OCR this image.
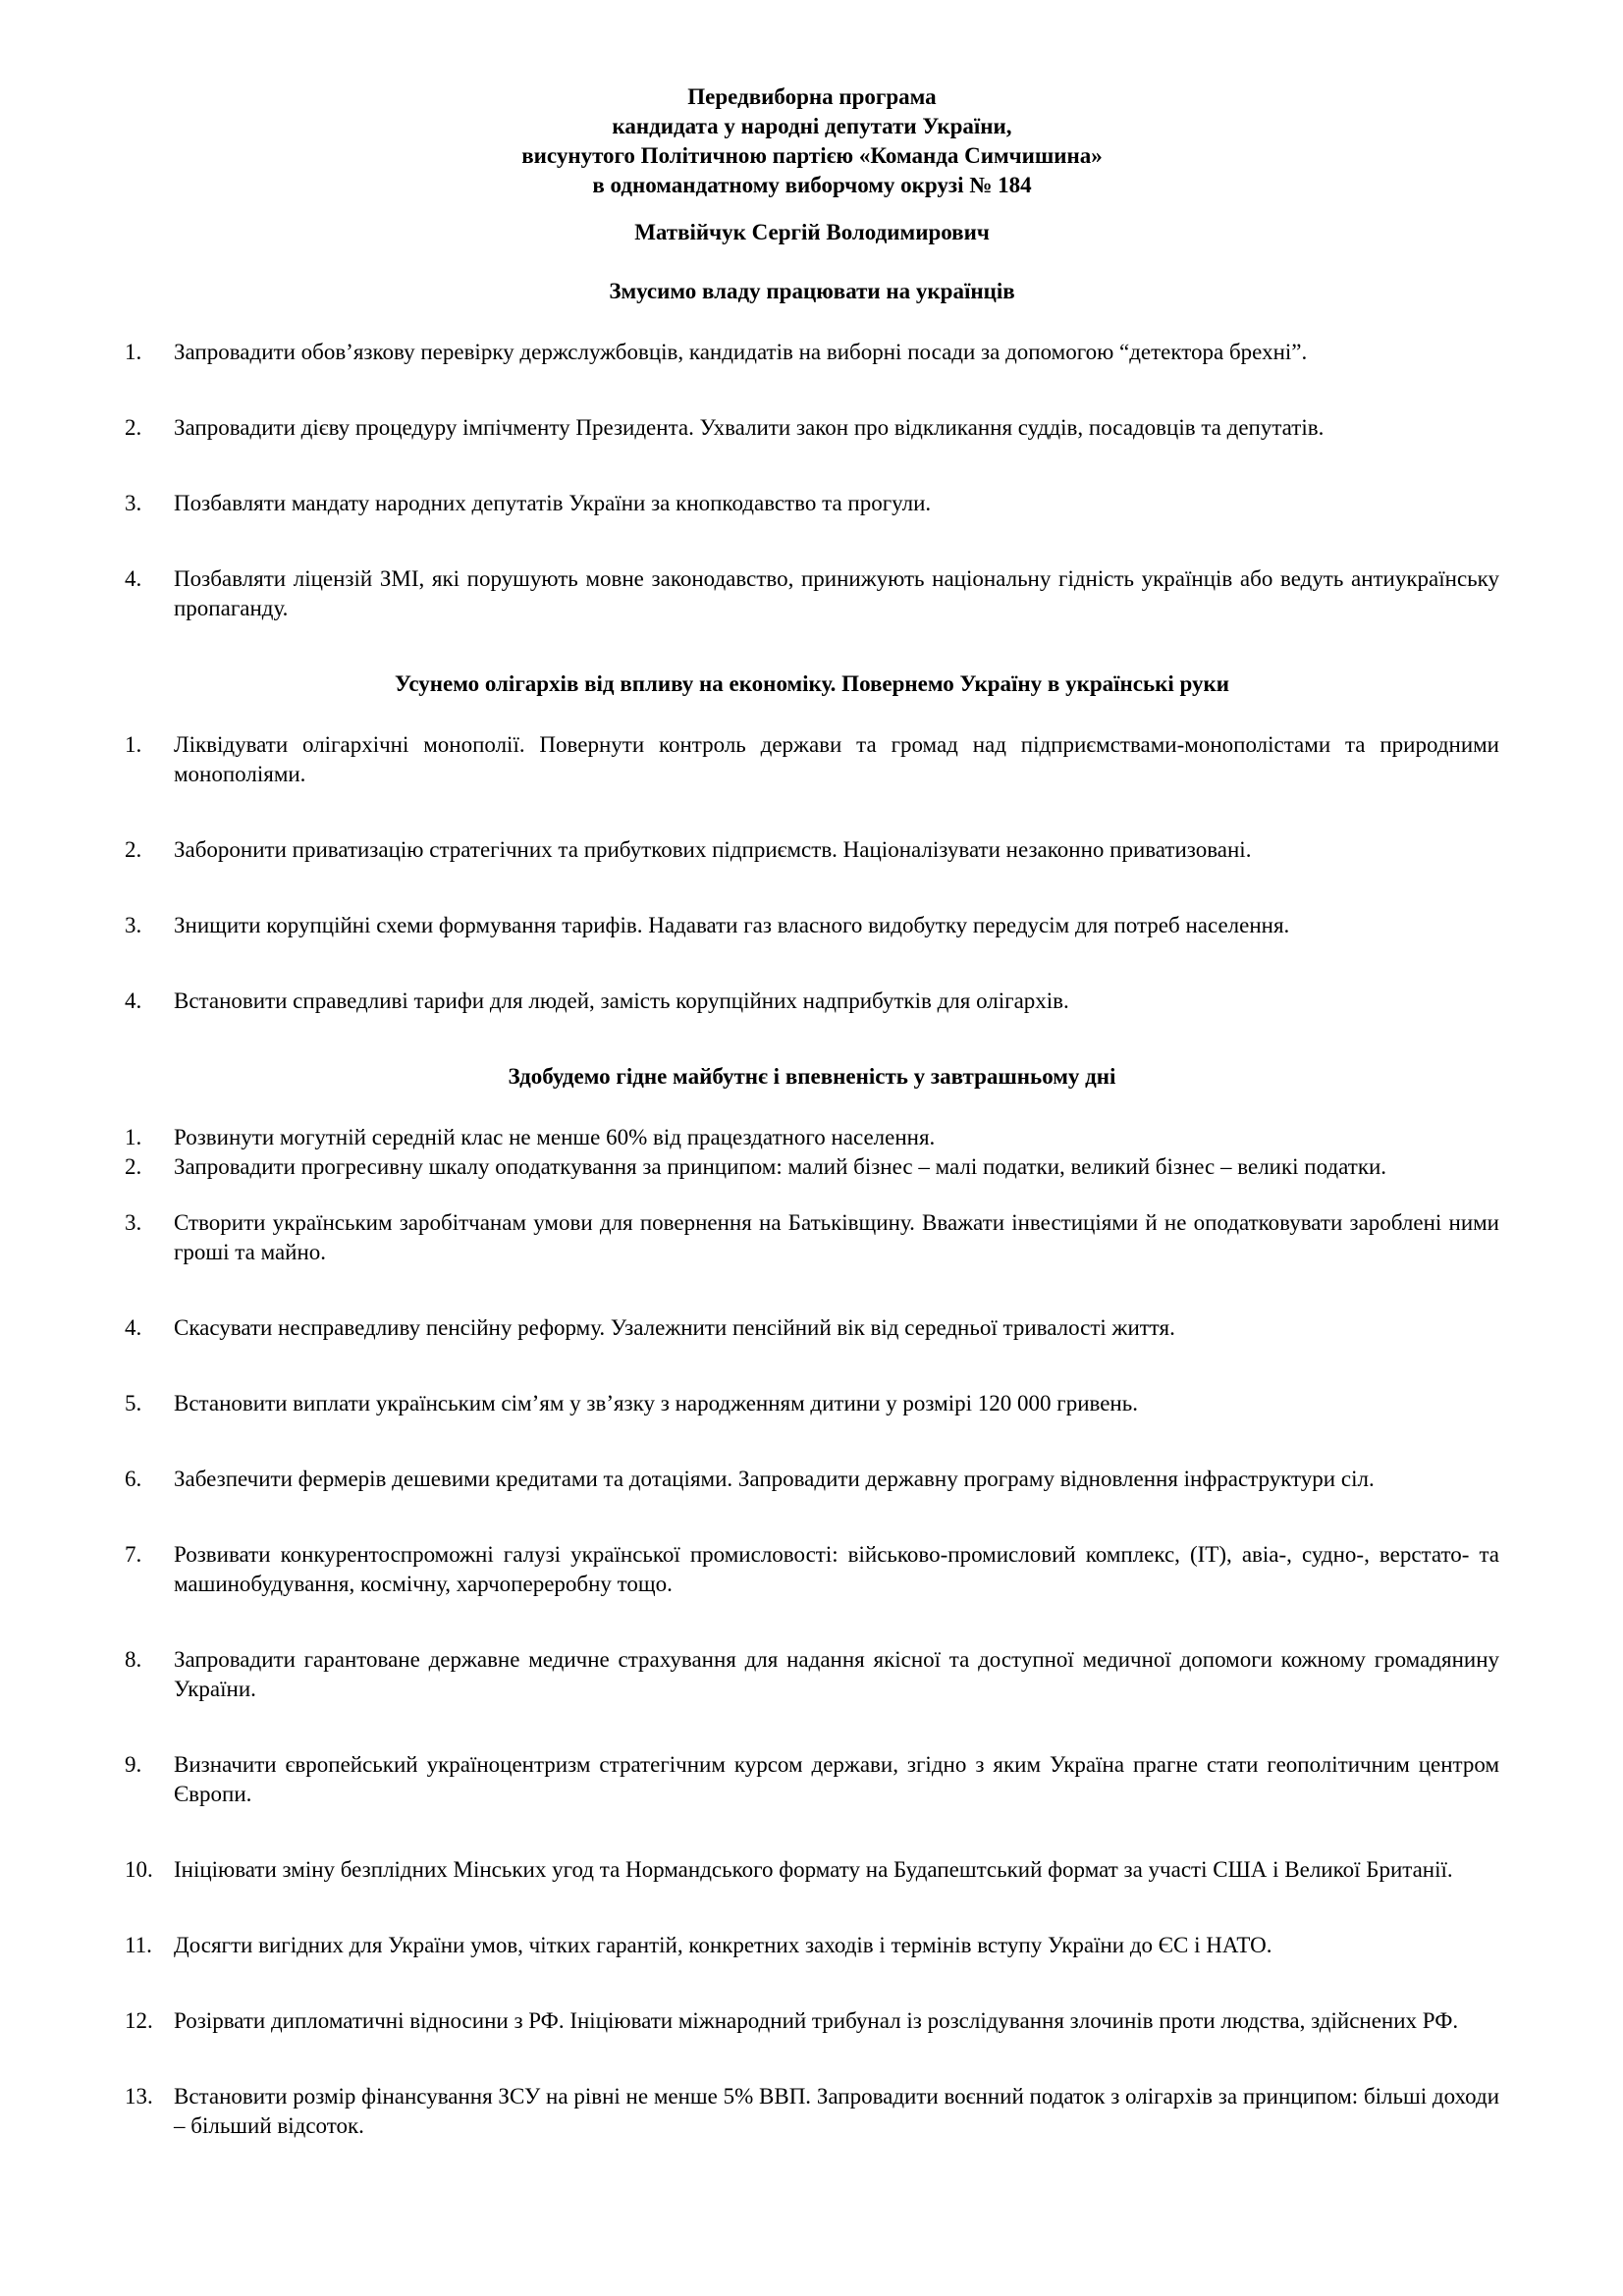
Передвиборна програма
кандидата у народні депутати України,
висунутого Політичною партією «Команда Симчишина»
в одномандатному виборчому окрузі № 184
Матвійчук Сергій Володимирович
Змусимо владу працювати на українців
1.	Запровадити обов’язкову перевірку держслужбовців, кандидатів на виборні посади за допомогою “детектора брехні”.
2.	Запровадити дієву процедуру імпічменту Президента. Ухвалити закон про відкликання суддів, посадовців та депутатів.
3.	Позбавляти мандату народних депутатів України за кнопкодавство та прогули.
4.	Позбавляти ліцензій ЗМІ, які порушують мовне законодавство, принижують національну гідність українців або ведуть антиукраїнську пропаганду.
Усунемо олігархів від впливу на економіку. Повернемо Україну в українські руки
1.	Ліквідувати олігархічні монополії. Повернути контроль держави та громад над підприємствами-монополістами та природними монополіями.
2.	Заборонити приватизацію стратегічних та прибуткових підприємств. Націоналізувати незаконно приватизовані.
3.	Знищити корупційні схеми формування тарифів. Надавати газ власного видобутку передусім для потреб населення.
4.	Встановити справедливі тарифи для людей, замість корупційних надприбутків для олігархів.
Здобудемо гідне майбутнє і впевненість у завтрашньому дні
1.	Розвинути могутній середній клас не менше 60% від працездатного населення.
2.	Запровадити прогресивну шкалу оподаткування за принципом: малий бізнес – малі податки, великий бізнес – великі податки.
3.	Створити українським заробітчанам умови для повернення на Батьківщину. Вважати інвестиціями й не оподатковувати зароблені ними гроші та майно.
4.	Скасувати несправедливу пенсійну реформу. Узалежнити пенсійний вік від середньої тривалості життя.
5.	Встановити виплати українським сім’ям у зв’язку з народженням дитини у розмірі 120 000 гривень.
6.	Забезпечити фермерів дешевими кредитами та дотаціями. Запровадити державну програму відновлення інфраструктури сіл.
7.	Розвивати конкурентоспроможні галузі української промисловості: військово-промисловий комплекс, (ІТ), авіа-, судно-, верстато- та машинобудування, космічну, харчопереробну тощо.
8.	Запровадити гарантоване державне медичне страхування для надання якісної та доступної медичної допомоги кожному громадянину України.
9.	Визначити європейський україноцентризм стратегічним курсом держави, згідно з яким Україна прагне стати геополітичним центром Європи.
10. Ініціювати зміну безплідних Мінських угод та Нормандського формату на Будапештський формат за участі США і Великої Британії.
11. Досягти вигідних для України умов, чітких гарантій, конкретних заходів і термінів вступу України до ЄС і НАТО.
12. Розірвати дипломатичні відносини з РФ. Ініціювати міжнародний трибунал із розслідування злочинів проти людства, здійснених РФ.
13. Встановити розмір фінансування ЗСУ на рівні не менше 5% ВВП. Запровадити воєнний податок з олігархів за принципом: більші доходи – більший відсоток.
